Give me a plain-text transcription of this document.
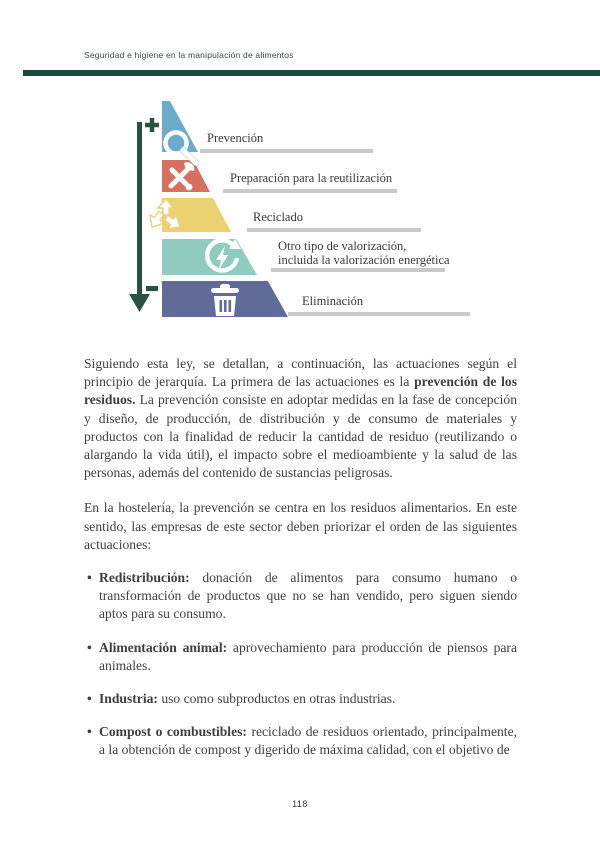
Seguridad e higiene en la manipulación de alimentos
Prevención
Preparación para la reutilización
Reciclado
Otro tipo de valorización,
incluida la valorización energética
Eliminación

Siguiendo esta ley, se detallan, a continuación, las actuaciones según el principio de jerarquía. La primera de las actuaciones es la prevención de los residuos. La prevención consiste en adoptar medidas en la fase de concepción y diseño, de producción, de distribución y de consumo de materiales y productos con la finalidad de reducir la cantidad de residuo (reutilizando o alargando la vida útil), el impacto sobre el medioambiente y la salud de las personas, además del contenido de sustancias peligrosas.

En la hostelería, la prevención se centra en los residuos alimentarios. En este sentido, las empresas de este sector deben priorizar el orden de las siguientes actuaciones:

• Redistribución: donación de alimentos para consumo humano o transformación de productos que no se han vendido, pero siguen siendo aptos para su consumo.
• Alimentación animal: aprovechamiento para producción de piensos para animales.
• Industria: uso como subproductos en otras industrias.
• Compost o combustibles: reciclado de residuos orientado, principalmente, a la obtención de compost y digerido de máxima calidad, con el objetivo de
118
